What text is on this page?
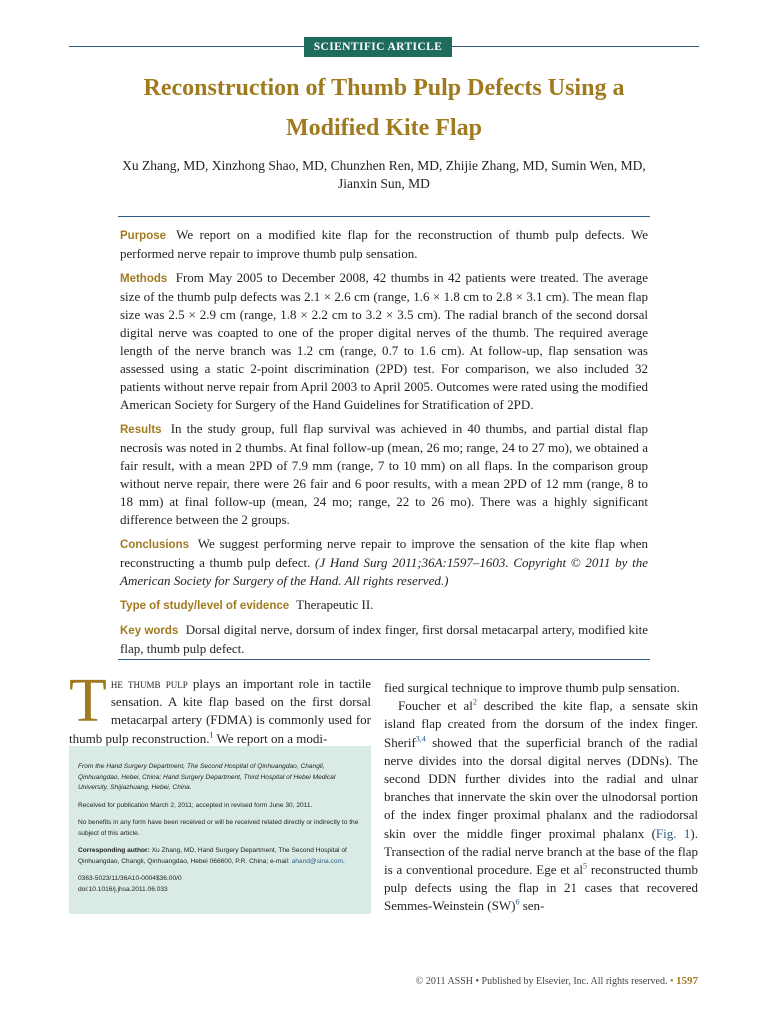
SCIENTIFIC ARTICLE
Reconstruction of Thumb Pulp Defects Using a
Modified Kite Flap
Xu Zhang, MD, Xinzhong Shao, MD, Chunzhen Ren, MD, Zhijie Zhang, MD, Sumin Wen, MD,
Jianxin Sun, MD

Purpose We report on a modified kite flap for the reconstruction of thumb pulp defects. We performed nerve repair to improve thumb pulp sensation.

Methods From May 2005 to December 2008, 42 thumbs in 42 patients were treated. The average size of the thumb pulp defects was 2.1 × 2.6 cm (range, 1.6 × 1.8 cm to 2.8 × 3.1 cm). The mean flap size was 2.5 × 2.9 cm (range, 1.8 × 2.2 cm to 3.2 × 3.5 cm). The radial branch of the second dorsal digital nerve was coapted to one of the proper digital nerves of the thumb. The required average length of the nerve branch was 1.2 cm (range, 0.7 to 1.6 cm). At follow-up, flap sensation was assessed using a static 2-point discrimination (2PD) test. For comparison, we also included 32 patients without nerve repair from April 2003 to April 2005. Outcomes were rated using the modified American Society for Surgery of the Hand Guidelines for Stratification of 2PD.

Results In the study group, full flap survival was achieved in 40 thumbs, and partial distal flap necrosis was noted in 2 thumbs. At final follow-up (mean, 26 mo; range, 24 to 27 mo), we obtained a fair result, with a mean 2PD of 7.9 mm (range, 7 to 10 mm) on all flaps. In the comparison group without nerve repair, there were 26 fair and 6 poor results, with a mean 2PD of 12 mm (range, 8 to 18 mm) at final follow-up (mean, 24 mo; range, 22 to 26 mo). There was a highly significant difference between the 2 groups.

Conclusions We suggest performing nerve repair to improve the sensation of the kite flap when reconstructing a thumb pulp defect. (J Hand Surg 2011;36A:1597–1603. Copyright © 2011 by the American Society for Surgery of the Hand. All rights reserved.)

Type of study/level of evidence Therapeutic II.

Key words Dorsal digital nerve, dorsum of index finger, first dorsal metacarpal artery, modified kite flap, thumb pulp defect.

The thumb pulp plays an important role in tactile sensation. A kite flap based on the first dorsal metacarpal artery (FDMA) is commonly used for thumb pulp reconstruction.$^1$ We report on a modi-

From the Hand Surgery Department, The Second Hospital of Qinhuangdao, Changli, Qinhuangdao, Hebei, China; Hand Surgery Department, Third Hospital of Hebei Medical University, Shijiazhuang, Hebei, China.

Received for publication March 2, 2011; accepted in revised form June 30, 2011.

No benefits in any form have been received or will be received related directly or indirectly to the subject of this article.

Corresponding author: Xu Zhang, MD, Hand Surgery Department, The Second Hospital of Qinhuangdao, Changli, Qinhuangdao, Hebei 066600, P.R. China; e-mail: ahand@sina.com.

0363-5023/11/36A10-0004$36.00/0
doi:10.1016/j.jhsa.2011.06.033

fied surgical technique to improve thumb pulp sensation.

Foucher et al$^2$ described the kite flap, a sensate skin island flap created from the dorsum of the index finger. Sherif$^{3,4}$ showed that the superficial branch of the radial nerve divides into the dorsal digital nerves (DDNs). The second DDN further divides into the radial and ulnar branches that innervate the skin over the ulnodorsal portion of the index finger proximal phalanx and the radiodorsal skin over the middle finger proximal phalanx (Fig. 1). Transection of the radial nerve branch at the base of the flap is a conventional procedure. Ege et al$^5$ reconstructed thumb pulp defects using the flap in 21 cases that recovered Semmes-Weinstein (SW)$^6$ sen-

© 2011 ASSH • Published by Elsevier, Inc. All rights reserved. • 1597
